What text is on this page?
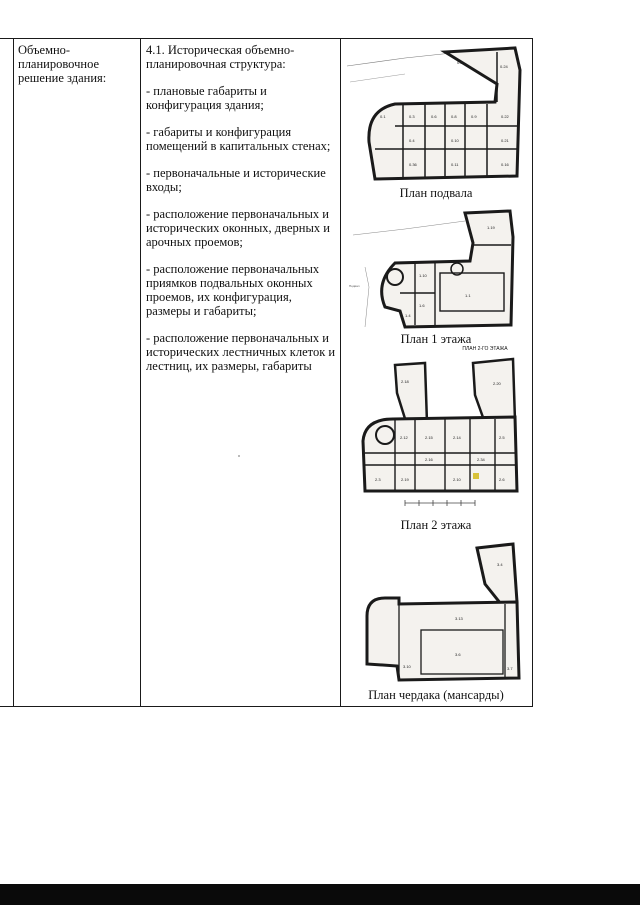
Объемно-планировочное решение здания:

4.1. Историческая объемно-планировочная структура:

- плановые габариты и конфигурация здания;

- габариты и конфигурация помещений в капитальных стенах;

- первоначальные и исторические входы;

- расположение первоначальных и исторических оконных, дверных и арочных проемов;

- расположение первоначальных приямков подвальных оконных проемов, их конфигурация, размеры и габариты;

- расположение первоначальных и исторических лестничных клеток и лестниц, их размеры, габариты

0.2
0.24
0.1	0.3	0.6	0.8	0.9	0.22
0.4	0.10	0.21
0.36	0.11	0.16
План подвала
1.19
1.1
1.10
1.6
1.4
Подвал
План 1 этажа
ПЛАН 2-ГО ЭТАЖА
2.18	2.20
2.12	2.15	2.14	2.5
2.16	2.34
2.3	2.19	2.10	2.6
План 2 этажа
3.4
3.13
3.6
3.10	3.7
План чердака (мансарды)
